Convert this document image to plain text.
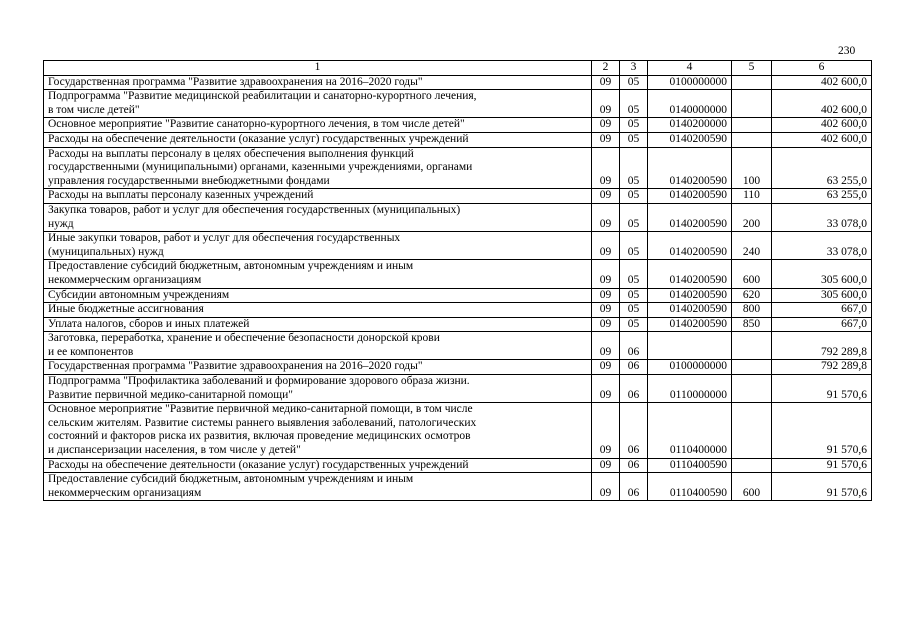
230
1	2	3	4	5	6

Государственная программа "Развитие здравоохранения на 2016–2020 годы"	09	05	0100000000		402 600,0

Подпрограмма "Развитие медицинской реабилитации и санаторно-курортного лечения,
в том числе детей"	09	05	0140000000		402 600,0

Основное мероприятие "Развитие санаторно-курортного лечения, в том числе детей"	09	05	0140200000		402 600,0

Расходы на обеспечение деятельности (оказание услуг) государственных учреждений	09	05	0140200590		402 600,0

Расходы на выплаты персоналу в целях обеспечения выполнения функций
государственными (муниципальными) органами, казенными учреждениями, органами
управления государственными внебюджетными фондами	09	05	0140200590	100	63 255,0

Расходы на выплаты персоналу казенных учреждений	09	05	0140200590	110	63 255,0

Закупка товаров, работ и услуг для обеспечения государственных (муниципальных)
нужд	09	05	0140200590	200	33 078,0

Иные закупки товаров, работ и услуг для обеспечения государственных
(муниципальных) нужд	09	05	0140200590	240	33 078,0

Предоставление субсидий бюджетным, автономным учреждениям и иным
некоммерческим организациям	09	05	0140200590	600	305 600,0

Субсидии автономным учреждениям	09	05	0140200590	620	305 600,0

Иные бюджетные ассигнования	09	05	0140200590	800	667,0

Уплата налогов, сборов и иных платежей	09	05	0140200590	850	667,0

Заготовка, переработка, хранение и обеспечение безопасности донорской крови
и ее компонентов	09	06			792 289,8

Государственная программа "Развитие здравоохранения на 2016–2020 годы"	09	06	0100000000		792 289,8

Подпрограмма "Профилактика заболеваний и формирование здорового образа жизни.
Развитие первичной медико-санитарной помощи"	09	06	0110000000		91 570,6

Основное мероприятие "Развитие первичной медико-санитарной помощи, в том числе
сельским жителям. Развитие системы раннего выявления заболеваний, патологических
состояний и факторов риска их развития, включая проведение медицинских осмотров
и диспансеризации населения, в том числе у детей"	09	06	0110400000		91 570,6

Расходы на обеспечение деятельности (оказание услуг) государственных учреждений	09	06	0110400590		91 570,6

Предоставление субсидий бюджетным, автономным учреждениям и иным
некоммерческим организациям	09	06	0110400590	600	91 570,6
